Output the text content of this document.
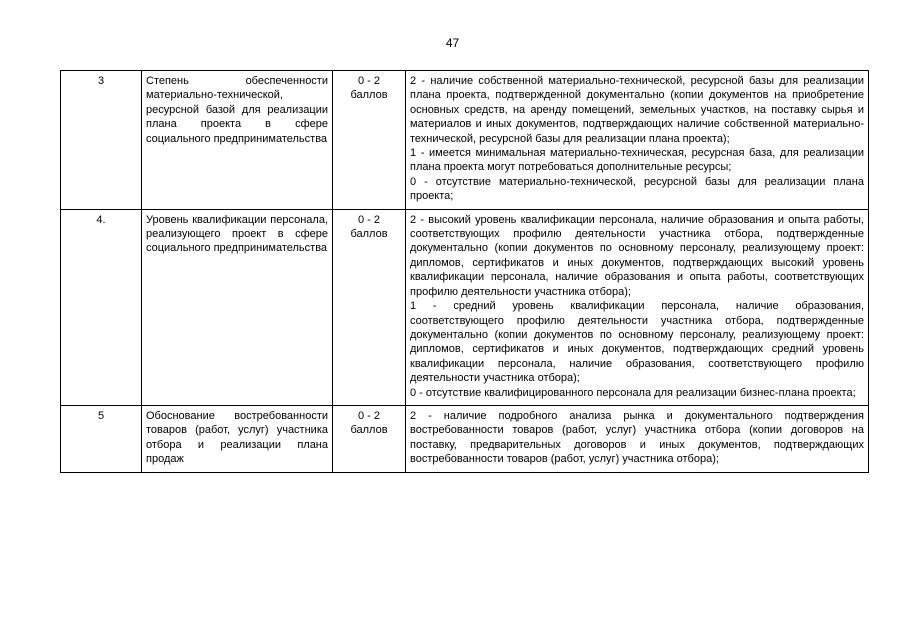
47
3	Степень обеспеченности материально-технической, ресурсной базой для реализации плана проекта в сфере социального предпринимательства	0 - 2
баллов	2 - наличие собственной материально-технической, ресурсной базы для реализации плана проекта, подтвержденной документально (копии документов на приобретение основных средств, на аренду помещений, земельных участков, на поставку сырья и материалов и иных документов, подтверждающих наличие собственной материально-технической, ресурсной базы для реализации плана проекта);
1 - имеется минимальная материально-техническая, ресурсная база, для реализации плана проекта могут потребоваться дополнительные ресурсы;
0 - отсутствие материально-технической, ресурсной базы для реализации плана проекта;

4.	Уровень квалификации персонала, реализующего проект в сфере социального предпринимательства	0 - 2
баллов	2 - высокий уровень квалификации персонала, наличие образования и опыта работы, соответствующих профилю деятельности участника отбора, подтвержденные документально (копии документов по основному персоналу, реализующему проект: дипломов, сертификатов и иных документов, подтверждающих высокий уровень квалификации персонала, наличие образования и опыта работы, соответствующих профилю деятельности участника отбора);
1 - средний уровень квалификации персонала, наличие образования, соответствующего профилю деятельности участника отбора, подтвержденные документально (копии документов по основному персоналу, реализующему проект: дипломов, сертификатов и иных документов, подтверждающих средний уровень квалификации персонала, наличие образования, соответствующего профилю деятельности участника отбора);
0 - отсутствие квалифицированного персонала для реализации бизнес-плана проекта;

5	Обоснование востребованности товаров (работ, услуг) участника отбора и реализации плана продаж	0 - 2
баллов	2 - наличие подробного анализа рынка и документального подтверждения востребованности товаров (работ, услуг) участника отбора (копии договоров на поставку, предварительных договоров и иных документов, подтверждающих востребованности товаров (работ, услуг) участника отбора);
